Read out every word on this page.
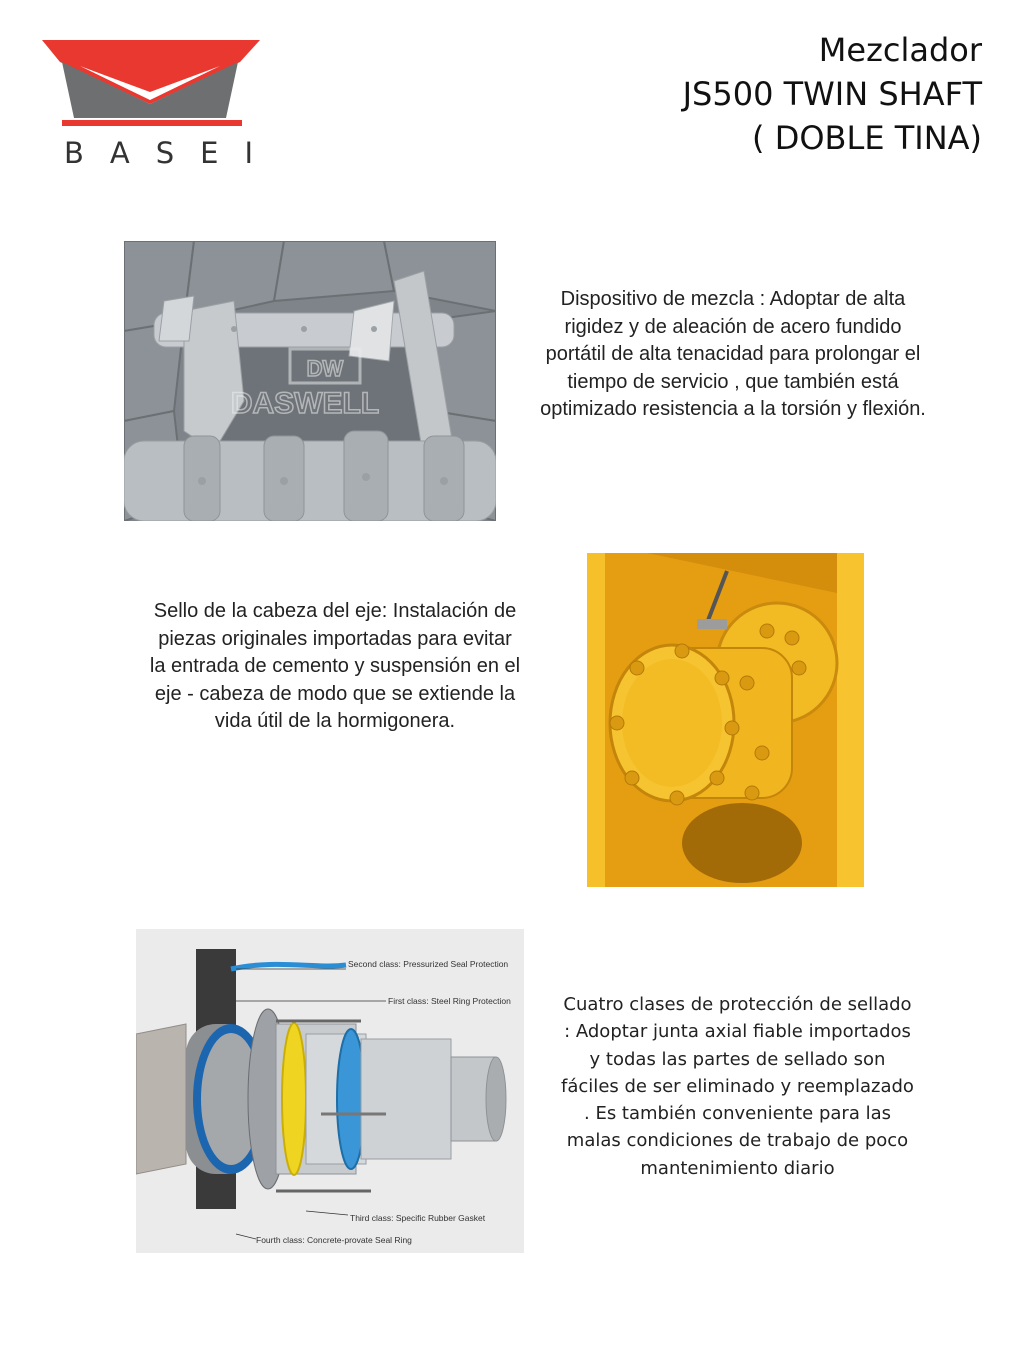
BASEI
Mezclador
JS500 TWIN SHAFT
( DOBLE TINA)
DW
DASWELL
Dispositivo de mezcla : Adoptar de alta rigidez y de aleación de acero fundido portátil de alta tenacidad para prolongar el tiempo de servicio , que también está optimizado resistencia a la torsión y flexión.
Sello de la cabeza del eje: Instalación de piezas originales importadas para evitar la entrada de cemento y suspensión en el eje - cabeza de modo que se extiende la vida útil de la hormigonera.
Second class: Pressurized Seal Protection
First class: Steel Ring Protection
Third class: Specific Rubber Gasket
Fourth class: Concrete-provate Seal Ring
Cuatro clases de protección de sellado : Adoptar junta axial fiable importados y todas las partes de sellado son fáciles de ser eliminado y reemplazado . Es también conveniente para las malas condiciones de trabajo de poco mantenimiento diario
